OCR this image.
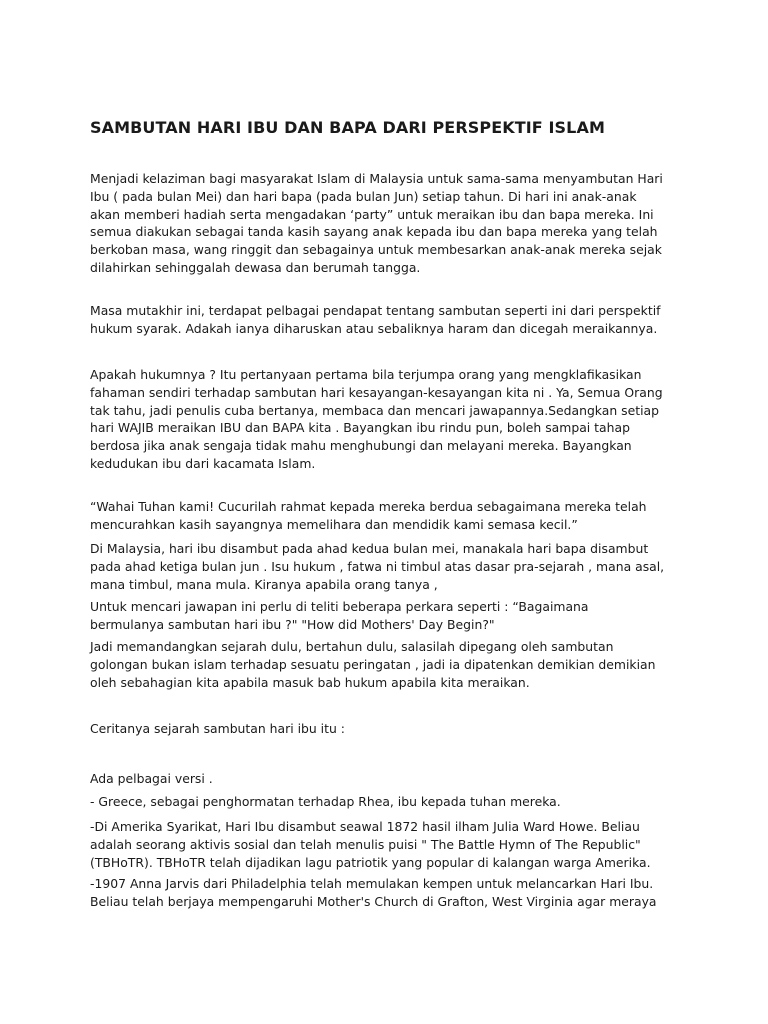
SAMBUTAN HARI IBU DAN BAPA DARI PERSPEKTIF ISLAM

Menjadi kelaziman bagi masyarakat Islam di Malaysia untuk sama-sama menyambutan Hari
Ibu ( pada bulan Mei) dan hari bapa (pada bulan Jun) setiap tahun. Di hari ini anak-anak
akan memberi hadiah serta mengadakan ‘party” untuk meraikan ibu dan bapa mereka. Ini
semua diakukan sebagai tanda kasih sayang anak kepada ibu dan bapa mereka yang telah
berkoban masa, wang ringgit dan sebagainya untuk membesarkan anak-anak mereka sejak
dilahirkan sehinggalah dewasa dan berumah tangga.

Masa mutakhir ini, terdapat pelbagai pendapat tentang sambutan seperti ini dari perspektif
hukum syarak. Adakah ianya diharuskan atau sebaliknya haram dan dicegah meraikannya.

Apakah hukumnya ? Itu pertanyaan pertama bila terjumpa orang yang mengklafikasikan
fahaman sendiri terhadap sambutan hari kesayangan-kesayangan kita ni . Ya, Semua Orang
tak tahu, jadi penulis cuba bertanya, membaca dan mencari jawapannya.Sedangkan setiap
hari WAJIB meraikan IBU dan BAPA kita . Bayangkan ibu rindu pun, boleh sampai tahap
berdosa jika anak sengaja tidak mahu menghubungi dan melayani mereka. Bayangkan
kedudukan ibu dari kacamata Islam.

“Wahai Tuhan kami! Cucurilah rahmat kepada mereka berdua sebagaimana mereka telah
mencurahkan kasih sayangnya memelihara dan mendidik kami semasa kecil.”

Di Malaysia, hari ibu disambut pada ahad kedua bulan mei, manakala hari bapa disambut
pada ahad ketiga bulan jun . Isu hukum , fatwa ni timbul atas dasar pra-sejarah , mana asal,
mana timbul, mana mula. Kiranya apabila orang tanya ,

Untuk mencari jawapan ini perlu di teliti beberapa perkara seperti : “Bagaimana
bermulanya sambutan hari ibu ?" "How did Mothers' Day Begin?"

Jadi memandangkan sejarah dulu, bertahun dulu, salasilah dipegang oleh sambutan
golongan bukan islam terhadap sesuatu peringatan , jadi ia dipatenkan demikian demikian
oleh sebahagian kita apabila masuk bab hukum apabila kita meraikan.

Ceritanya sejarah sambutan hari ibu itu :

Ada pelbagai versi .

- Greece, sebagai penghormatan terhadap Rhea, ibu kepada tuhan mereka.

-Di Amerika Syarikat, Hari Ibu disambut seawal 1872 hasil ilham Julia Ward Howe. Beliau
adalah seorang aktivis sosial dan telah menulis puisi " The Battle Hymn of The Republic"
(TBHoTR). TBHoTR telah dijadikan lagu patriotik yang popular di kalangan warga Amerika.

-1907 Anna Jarvis dari Philadelphia telah memulakan kempen untuk melancarkan Hari Ibu.
Beliau telah berjaya mempengaruhi Mother's Church di Grafton, West Virginia agar meraya
